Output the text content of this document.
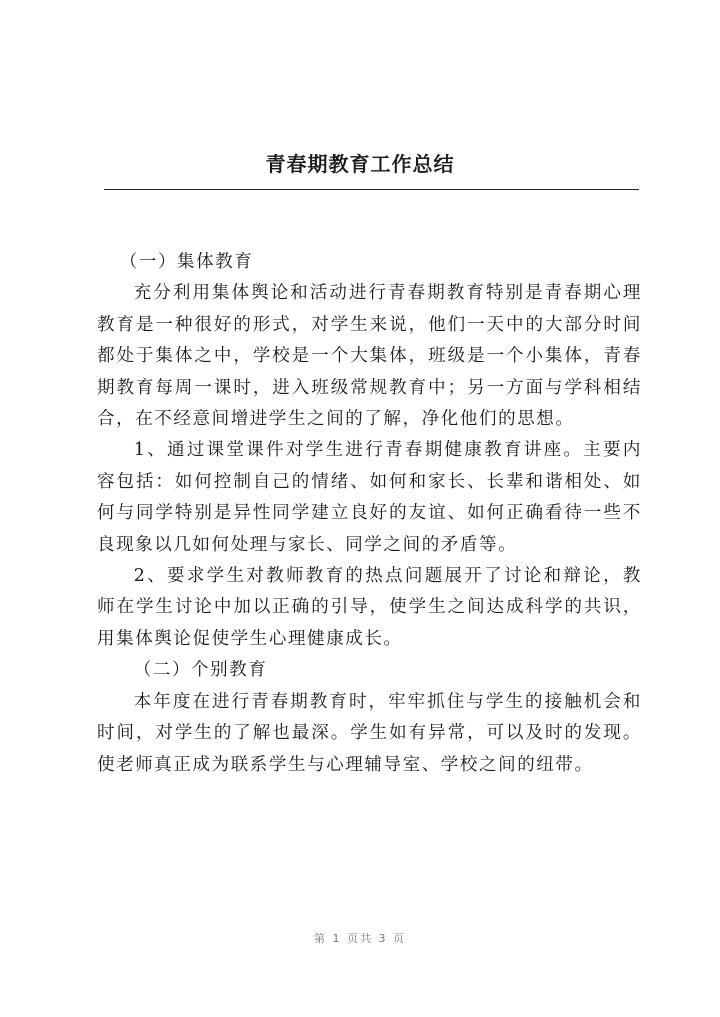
青春期教育工作总结

（一）集体教育

充分利用集体舆论和活动进行青春期教育特别是青春期心理教育是一种很好的形式，对学生来说，他们一天中的大部分时间都处于集体之中，学校是一个大集体，班级是一个小集体，青春期教育每周一课时，进入班级常规教育中；另一方面与学科相结合，在不经意间增进学生之间的了解，净化他们的思想。

1、通过课堂课件对学生进行青春期健康教育讲座。主要内容包括：如何控制自己的情绪、如何和家长、长辈和谐相处、如何与同学特别是异性同学建立良好的友谊、如何正确看待一些不良现象以几如何处理与家长、同学之间的矛盾等。

2、要求学生对教师教育的热点问题展开了讨论和辩论，教师在学生讨论中加以正确的引导，使学生之间达成科学的共识，用集体舆论促使学生心理健康成长。

（二）个别教育

本年度在进行青春期教育时，牢牢抓住与学生的接触机会和时间，对学生的了解也最深。学生如有异常，可以及时的发现。使老师真正成为联系学生与心理辅导室、学校之间的纽带。

第 1 页共 3 页
